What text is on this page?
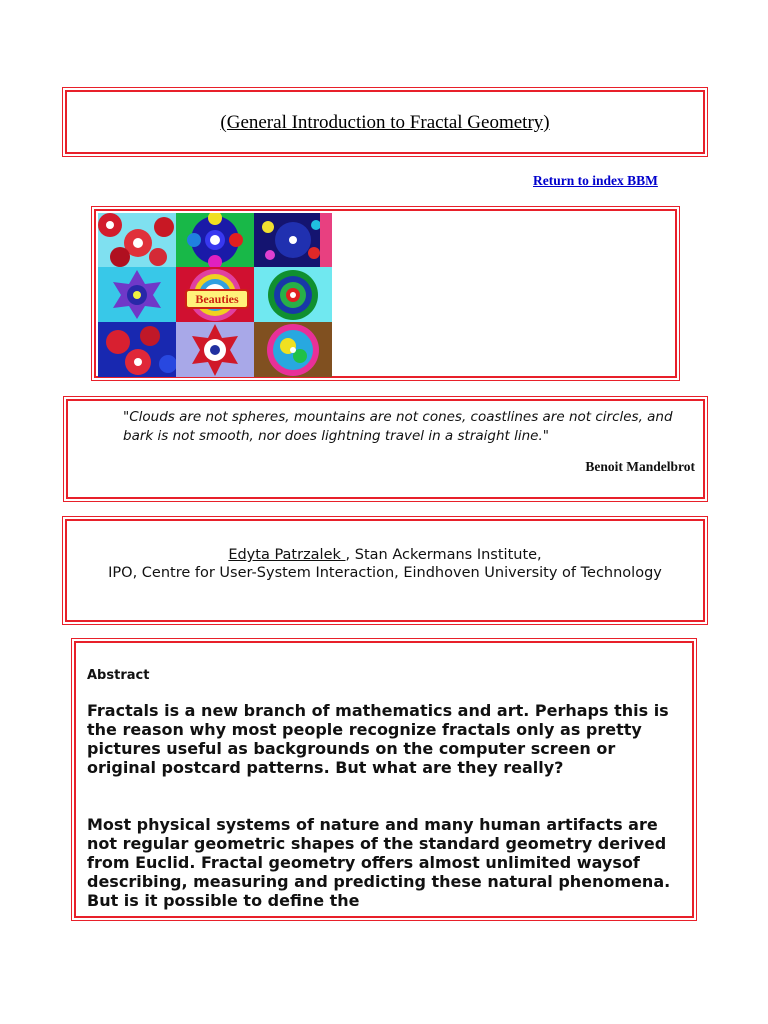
(General Introduction to Fractal Geometry)
Return to index BBM
Beauties
"Clouds are not spheres, mountains are not cones, coastlines are not circles, and bark is not smooth, nor does lightning travel in a straight line."
Benoit Mandelbrot
Edyta Patrzalek , Stan Ackermans Institute,
IPO, Centre for User-System Interaction, Eindhoven University of Technology
Abstract
Fractals is a new branch of mathematics and art. Perhaps this is the reason why most people recognize fractals only as pretty pictures useful as backgrounds on the computer screen or original postcard patterns. But what are they really?
Most physical systems of nature and many human artifacts are not regular geometric shapes of the standard geometry derived from Euclid. Fractal geometry offers almost unlimited waysof describing, measuring and predicting these natural phenomena. But is it possible to define the
